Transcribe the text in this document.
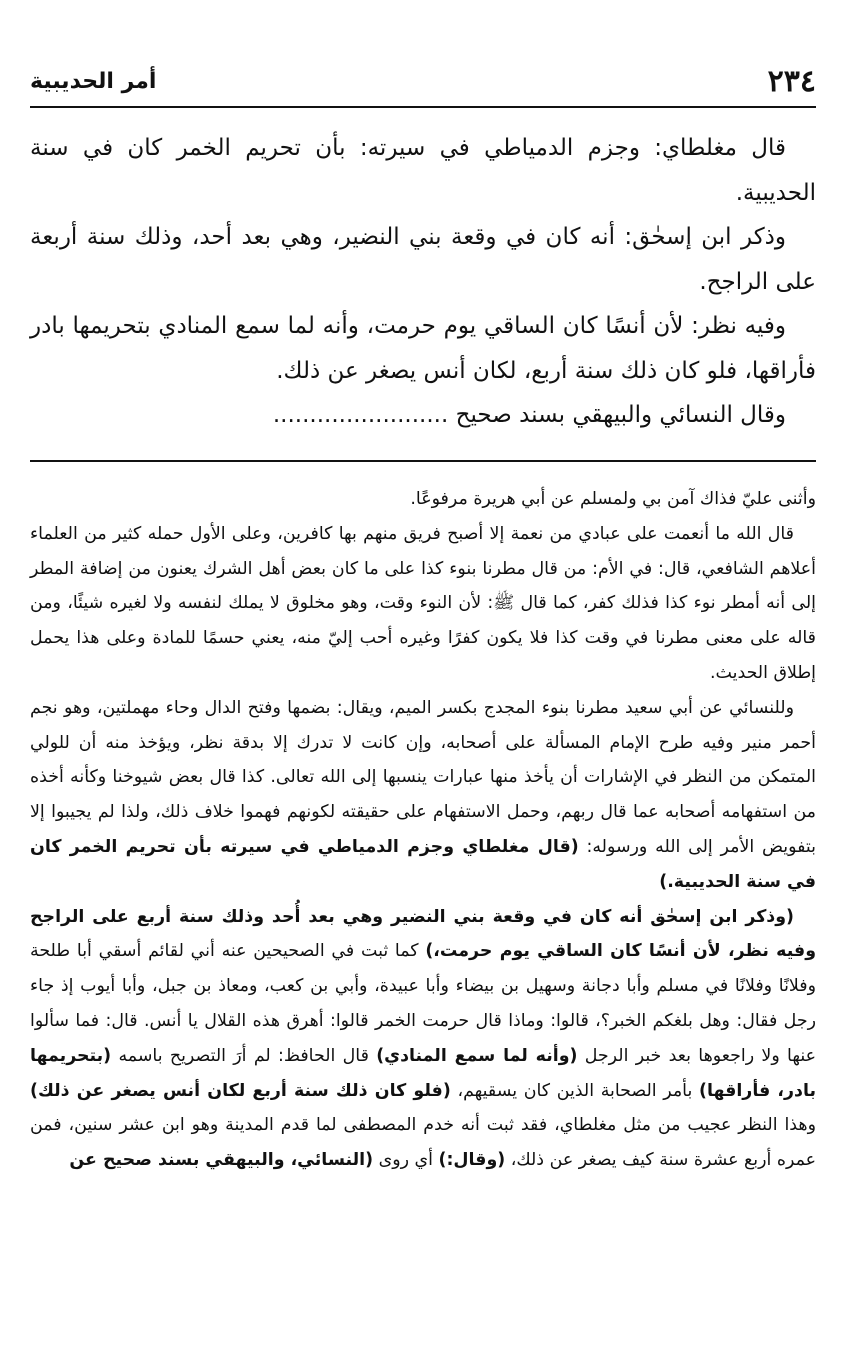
٢٣٤
أمر الحديبية

قال مغلطاي: وجزم الدمياطي في سيرته: بأن تحريم الخمر كان في سنة الحديبية.

وذكر ابن إسحٰق: أنه كان في وقعة بني النضير، وهي بعد أحد، وذلك سنة أربعة على الراجح.

وفيه نظر: لأن أنسًا كان الساقي يوم حرمت، وأنه لما سمع المنادي بتحريمها بادر فأراقها، فلو كان ذلك سنة أربع، لكان أنس يصغر عن ذلك.

وقال النسائي والبيهقي بسند صحيح ........................

وأثنى عليّ فذاك آمن بي ولمسلم عن أبي هريرة مرفوعًا.

قال الله ما أنعمت على عبادي من نعمة إلا أصبح فريق منهم بها كافرين، وعلى الأول حمله كثير من العلماء أعلاهم الشافعي، قال: في الأم: من قال مطرنا بنوء كذا على ما كان بعض أهل الشرك يعنون من إضافة المطر إلى أنه أمطر نوء كذا فذلك كفر، كما قال ﷺ: لأن النوء وقت، وهو مخلوق لا يملك لنفسه ولا لغيره شيئًا، ومن قاله على معنى مطرنا في وقت كذا فلا يكون كفرًا وغيره أحب إليّ منه، يعني حسمًا للمادة وعلى هذا يحمل إطلاق الحديث.

وللنسائي عن أبي سعيد مطرنا بنوء المجدج بكسر الميم، ويقال: بضمها وفتح الدال وحاء مهملتين، وهو نجم أحمر منير وفيه طرح الإمام المسألة على أصحابه، وإن كانت لا تدرك إلا بدقة نظر، ويؤخذ منه أن للولي المتمكن من النظر في الإشارات أن يأخذ منها عبارات ينسبها إلى الله تعالى. كذا قال بعض شيوخنا وكأنه أخذه من استفهامه أصحابه عما قال ربهم، وحمل الاستفهام على حقيقته لكونهم فهموا خلاف ذلك، ولذا لم يجيبوا إلا بتفويض الأمر إلى الله ورسوله: (قال مغلطاي وجزم الدمياطي في سيرته بأن تحريم الخمر كان في سنة الحديبية.)

(وذكر ابن إسحٰق أنه كان في وقعة بني النضير وهي بعد أُحد وذلك سنة أربع على الراجح وفيه نظر، لأن أنسًا كان الساقي يوم حرمت،) كما ثبت في الصحيحين عنه أني لقائم أسقي أبا طلحة وفلانًا وفلانًا في مسلم وأبا دجانة وسهيل بن بيضاء وأبا عبيدة، وأبي بن كعب، ومعاذ بن جبل، وأبا أيوب إذ جاء رجل فقال: وهل بلغكم الخبر؟، قالوا: وماذا قال حرمت الخمر قالوا: أهرق هذه القلال يا أنس. قال: فما سألوا عنها ولا راجعوها بعد خبر الرجل (وأنه لما سمع المنادي) قال الحافظ: لم أرَ التصريح باسمه (بتحريمها بادر، فأراقها) بأمر الصحابة الذين كان يسقيهم، (فلو كان ذلك سنة أربع لكان أنس يصغر عن ذلك) وهذا النظر عجيب من مثل مغلطاي، فقد ثبت أنه خدم المصطفى لما قدم المدينة وهو ابن عشر سنين، فمن عمره أربع عشرة سنة كيف يصغر عن ذلك، (وقال:) أي روى (النسائي، والبيهقي بسند صحيح عن
